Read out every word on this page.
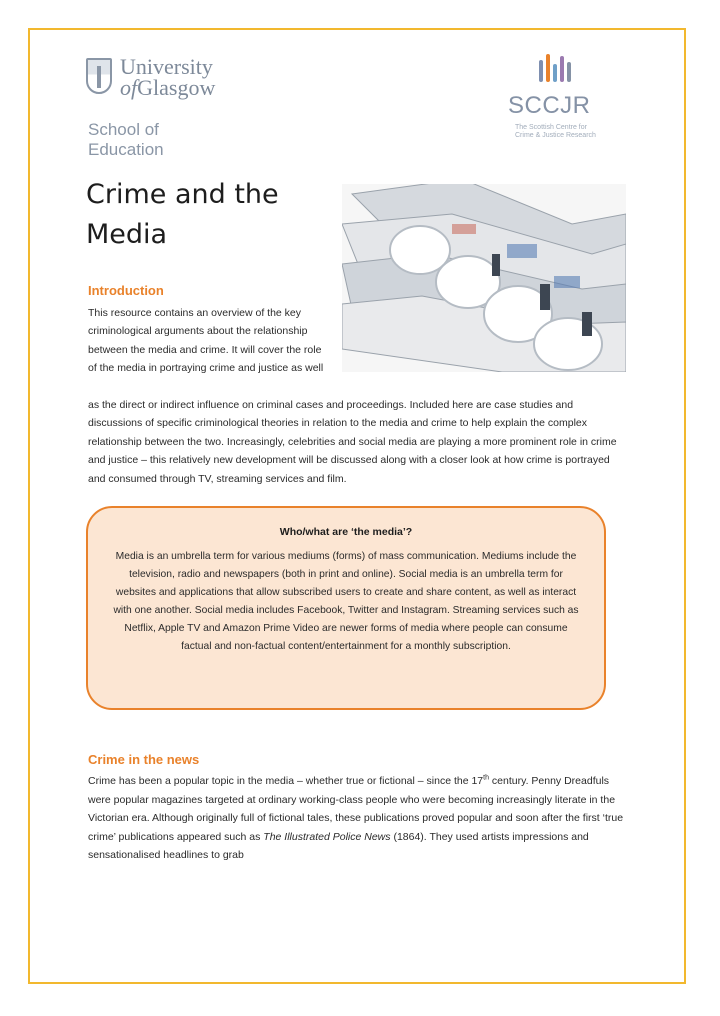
University
ofGlasgow
School of Education
SCCJR
The Scottish Centre for Crime & Justice Research
Crime and the Media
Introduction

This resource contains an overview of the key criminological arguments about the relationship between the media and crime. It will cover the role of the media in portraying crime and justice as well

as the direct or indirect influence on criminal cases and proceedings. Included here are case studies and discussions of specific criminological theories in relation to the media and crime to help explain the complex relationship between the two. Increasingly, celebrities and social media are playing a more prominent role in crime and justice – this relatively new development will be discussed along with a closer look at how crime is portrayed and consumed through TV, streaming services and film.

Who/what are ‘the media’?

Media is an umbrella term for various mediums (forms) of mass communication. Mediums include the television, radio and newspapers (both in print and online). Social media is an umbrella term for websites and applications that allow subscribed users to create and share content, as well as interact with one another. Social media includes Facebook, Twitter and Instagram. Streaming services such as Netflix, Apple TV and Amazon Prime Video are newer forms of media where people can consume factual and non-factual content/entertainment for a monthly subscription.

Crime in the news

Crime has been a popular topic in the media – whether true or fictional – since the 17th century. Penny Dreadfuls were popular magazines targeted at ordinary working-class people who were becoming increasingly literate in the Victorian era. Although originally full of fictional tales, these publications proved popular and soon after the first ‘true crime’ publications appeared such as The Illustrated Police News (1864). They used artists impressions and sensationalised headlines to grab
